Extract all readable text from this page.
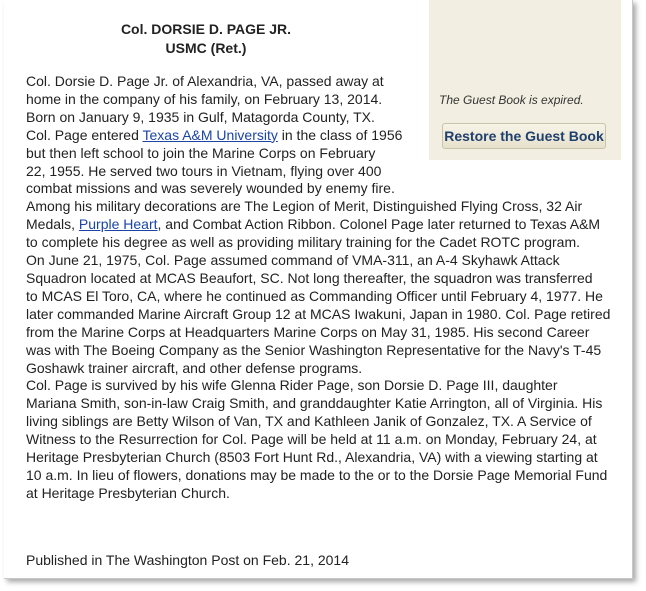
The Guest Book is expired.
Restore the Guest Book
Col. DORSIE D. PAGE JR.
USMC (Ret.)
Col. Dorsie D. Page Jr. of Alexandria, VA, passed away at
home in the company of his family, on February 13, 2014.
Born on January 9, 1935 in Gulf, Matagorda County, TX.
Col. Page entered Texas A&M University in the class of 1956
but then left school to join the Marine Corps on February
22, 1955. He served two tours in Vietnam, flying over 400
combat missions and was severely wounded by enemy fire.
Among his military decorations are The Legion of Merit, Distinguished Flying Cross, 32 Air
Medals, Purple Heart, and Combat Action Ribbon. Colonel Page later returned to Texas A&M
to complete his degree as well as providing military training for the Cadet ROTC program.
On June 21, 1975, Col. Page assumed command of VMA-311, an A-4 Skyhawk Attack
Squadron located at MCAS Beaufort, SC. Not long thereafter, the squadron was transferred
to MCAS El Toro, CA, where he continued as Commanding Officer until February 4, 1977. He
later commanded Marine Aircraft Group 12 at MCAS Iwakuni, Japan in 1980. Col. Page retired
from the Marine Corps at Headquarters Marine Corps on May 31, 1985. His second Career
was with The Boeing Company as the Senior Washington Representative for the Navy's T-45
Goshawk trainer aircraft, and other defense programs.
Col. Page is survived by his wife Glenna Rider Page, son Dorsie D. Page III, daughter
Mariana Smith, son-in-law Craig Smith, and granddaughter Katie Arrington, all of Virginia. His
living siblings are Betty Wilson of Van, TX and Kathleen Janik of Gonzalez, TX. A Service of
Witness to the Resurrection for Col. Page will be held at 11 a.m. on Monday, February 24, at
Heritage Presbyterian Church (8503 Fort Hunt Rd., Alexandria, VA) with a viewing starting at
10 a.m. In lieu of flowers, donations may be made to the or to the Dorsie Page Memorial Fund
at Heritage Presbyterian Church.
Published in The Washington Post on Feb. 21, 2014
